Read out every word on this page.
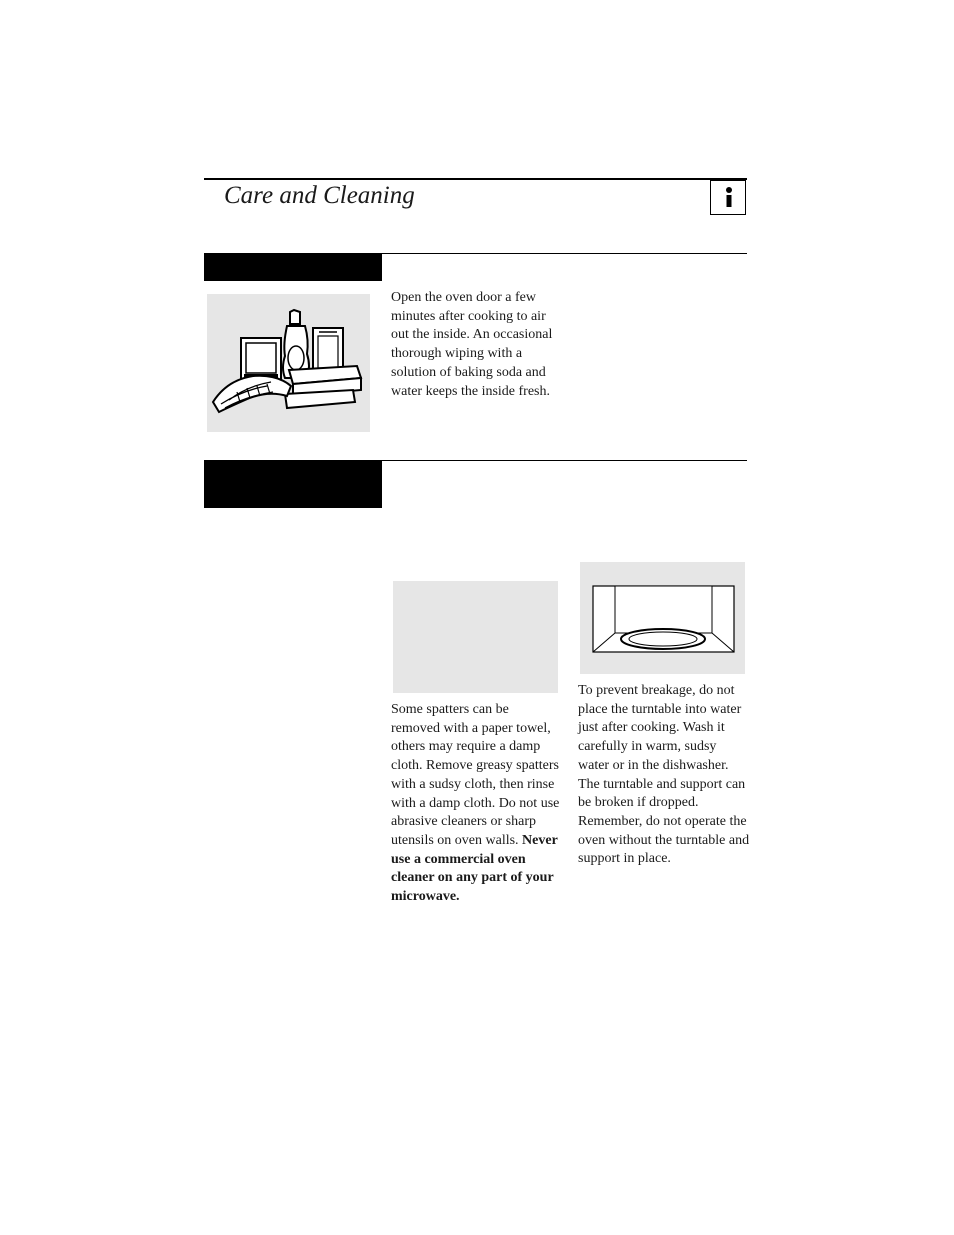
Care and Cleaning
Open the oven door a few minutes after cooking to air out the inside. An occasional thorough wiping with a solution of baking soda and water keeps the inside fresh.
Some spatters can be removed with a paper towel, others may require a damp cloth. Remove greasy spatters with a sudsy cloth, then rinse with a damp cloth. Do not use abrasive cleaners or sharp utensils on oven walls. Never use a commercial oven cleaner on any part of your microwave.
To prevent breakage, do not place the turntable into water just after cooking. Wash it carefully in warm, sudsy water or in the dishwasher. The turntable and support can be broken if dropped. Remember, do not operate the oven without the turntable and support in place.
